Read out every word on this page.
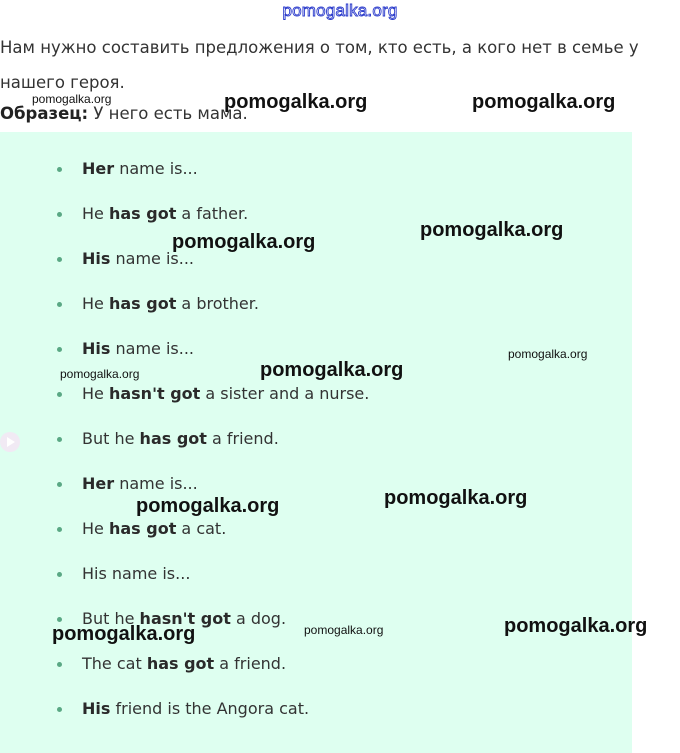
pomogalka.org
Нам нужно составить предложения о том, кто есть, а кого нет в семье у нашего героя.
Образец: У него есть мама.
Her name is...
He has got a father.
His name is...
He has got a brother.
His name is...
He hasn't got a sister and a nurse.
But he has got a friend.
Her name is...
He has got a cat.
His name is...
But he hasn't got a dog.
The cat has got a friend.
His friend is the Angora cat.
pomogalka.org	pomogalka.org	pomogalka.org
pomogalka.org
pomogalka.org
pomogalka.org
pomogalka.org	pomogalka.org
pomogalka.org	pomogalka.org
pomogalka.org	pomogalka.org	pomogalka.org
